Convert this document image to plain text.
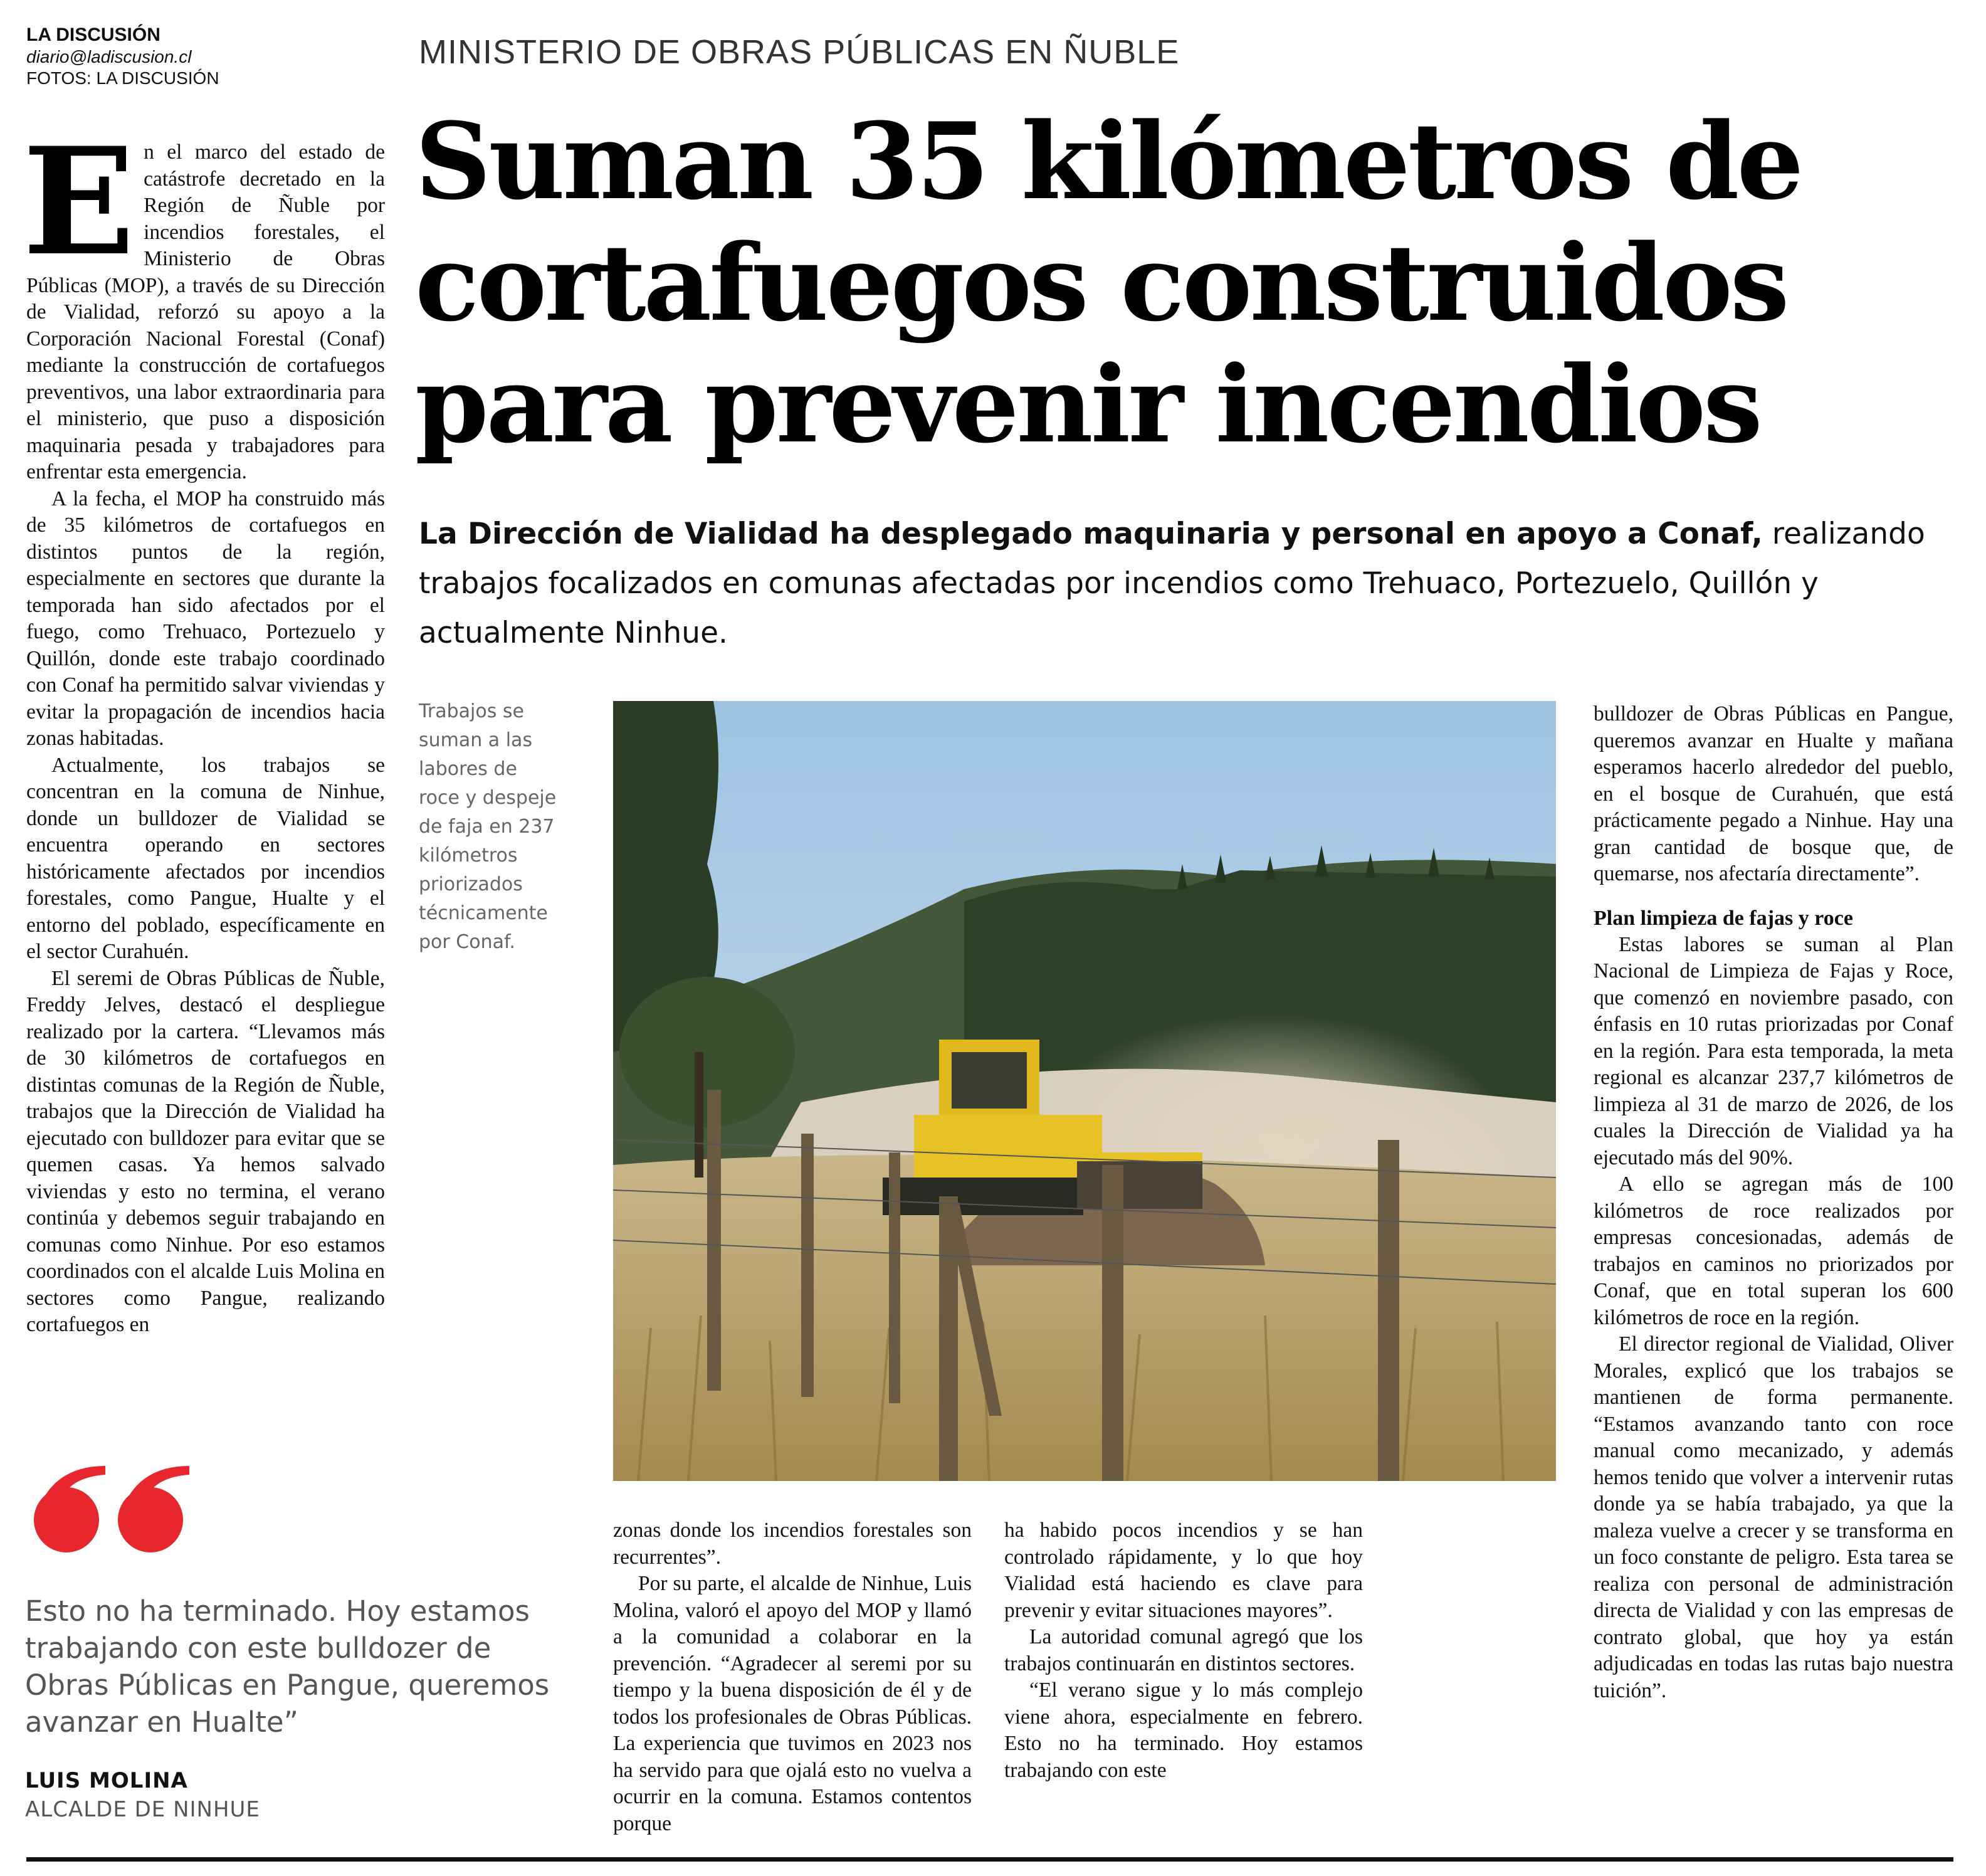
LA DISCUSIÓN
diario@ladiscusion.cl
FOTOS: LA DISCUSIÓN
MINISTERIO DE OBRAS PÚBLICAS EN ÑUBLE
Suman 35 kilómetros de
cortafuegos construidos
para prevenir incendios
La Dirección de Vialidad ha desplegado maquinaria y personal en apoyo a Conaf, realizando trabajos focalizados en comunas afectadas por incendios como Trehuaco, Portezuelo, Quillón y actualmente Ninhue.
E n el marco del estado de catástrofe decretado en la Región de Ñuble por incendios forestales, el Ministerio de Obras Públicas (MOP), a través de su Dirección de Vialidad, reforzó su apoyo a la Corporación Nacional Forestal (Conaf) mediante la construcción de cortafuegos preventivos, una labor extraordinaria para el ministerio, que puso a disposición maquinaria pesada y trabajadores para enfrentar esta emergencia.

A la fecha, el MOP ha construido más de 35 kilómetros de cortafuegos en distintos puntos de la región, especialmente en sectores que durante la temporada han sido afectados por el fuego, como Trehuaco, Portezuelo y Quillón, donde este trabajo coordinado con Conaf ha permitido salvar viviendas y evitar la propagación de incendios hacia zonas habitadas.

Actualmente, los trabajos se concentran en la comuna de Ninhue, donde un bulldozer de Vialidad se encuentra operando en sectores históricamente afectados por incendios forestales, como Pangue, Hualte y el entorno del poblado, específicamente en el sector Curahuén.

El seremi de Obras Públicas de Ñuble, Freddy Jelves, destacó el despliegue realizado por la cartera. “Llevamos más de 30 kilómetros de cortafuegos en distintas comunas de la Región de Ñuble, trabajos que la Dirección de Vialidad ha ejecutado con bulldozer para evitar que se quemen casas. Ya hemos salvado viviendas y esto no termina, el verano continúa y debemos seguir trabajando en comunas como Ninhue. Por eso estamos coordinados con el alcalde Luis Molina en sectores como Pangue, realizando cortafuegos en

Esto no ha terminado. Hoy estamos trabajando con este bulldozer de Obras Públicas en Pangue, queremos avanzar en Hualte”
LUIS MOLINA
ALCALDE DE NINHUE
Trabajos se suman a las labores de roce y despeje de faja en 237 kilómetros priorizados técnicamente por Conaf.

zonas donde los incendios forestales son recurrentes”.

Por su parte, el alcalde de Ninhue, Luis Molina, valoró el apoyo del MOP y llamó a la comunidad a colaborar en la prevención. “Agradecer al seremi por su tiempo y la buena disposición de él y de todos los profesionales de Obras Públicas. La experiencia que tuvimos en 2023 nos ha servido para que ojalá esto no vuelva a ocurrir en la comuna. Estamos contentos porque

ha habido pocos incendios y se han controlado rápidamente, y lo que hoy Vialidad está haciendo es clave para prevenir y evitar situaciones mayores”.

La autoridad comunal agregó que los trabajos continuarán en distintos sectores.

“El verano sigue y lo más complejo viene ahora, especialmente en febrero. Esto no ha terminado. Hoy estamos trabajando con este

bulldozer de Obras Públicas en Pangue, queremos avanzar en Hualte y mañana esperamos hacerlo alrededor del pueblo, en el bosque de Curahuén, que está prácticamente pegado a Ninhue. Hay una gran cantidad de bosque que, de quemarse, nos afectaría directamente”.

Plan limpieza de fajas y roce

Estas labores se suman al Plan Nacional de Limpieza de Fajas y Roce, que comenzó en noviembre pasado, con énfasis en 10 rutas priorizadas por Conaf en la región. Para esta temporada, la meta regional es alcanzar 237,7 kilómetros de limpieza al 31 de marzo de 2026, de los cuales la Dirección de Vialidad ya ha ejecutado más del 90%.

A ello se agregan más de 100 kilómetros de roce realizados por empresas concesionadas, además de trabajos en caminos no priorizados por Conaf, que en total superan los 600 kilómetros de roce en la región.

El director regional de Vialidad, Oliver Morales, explicó que los trabajos se mantienen de forma permanente. “Estamos avanzando tanto con roce manual como mecanizado, y además hemos tenido que volver a intervenir rutas donde ya se había trabajado, ya que la maleza vuelve a crecer y se transforma en un foco constante de peligro. Esta tarea se realiza con personal de administración directa de Vialidad y con las empresas de contrato global, que hoy ya están adjudicadas en todas las rutas bajo nuestra tuición”.
